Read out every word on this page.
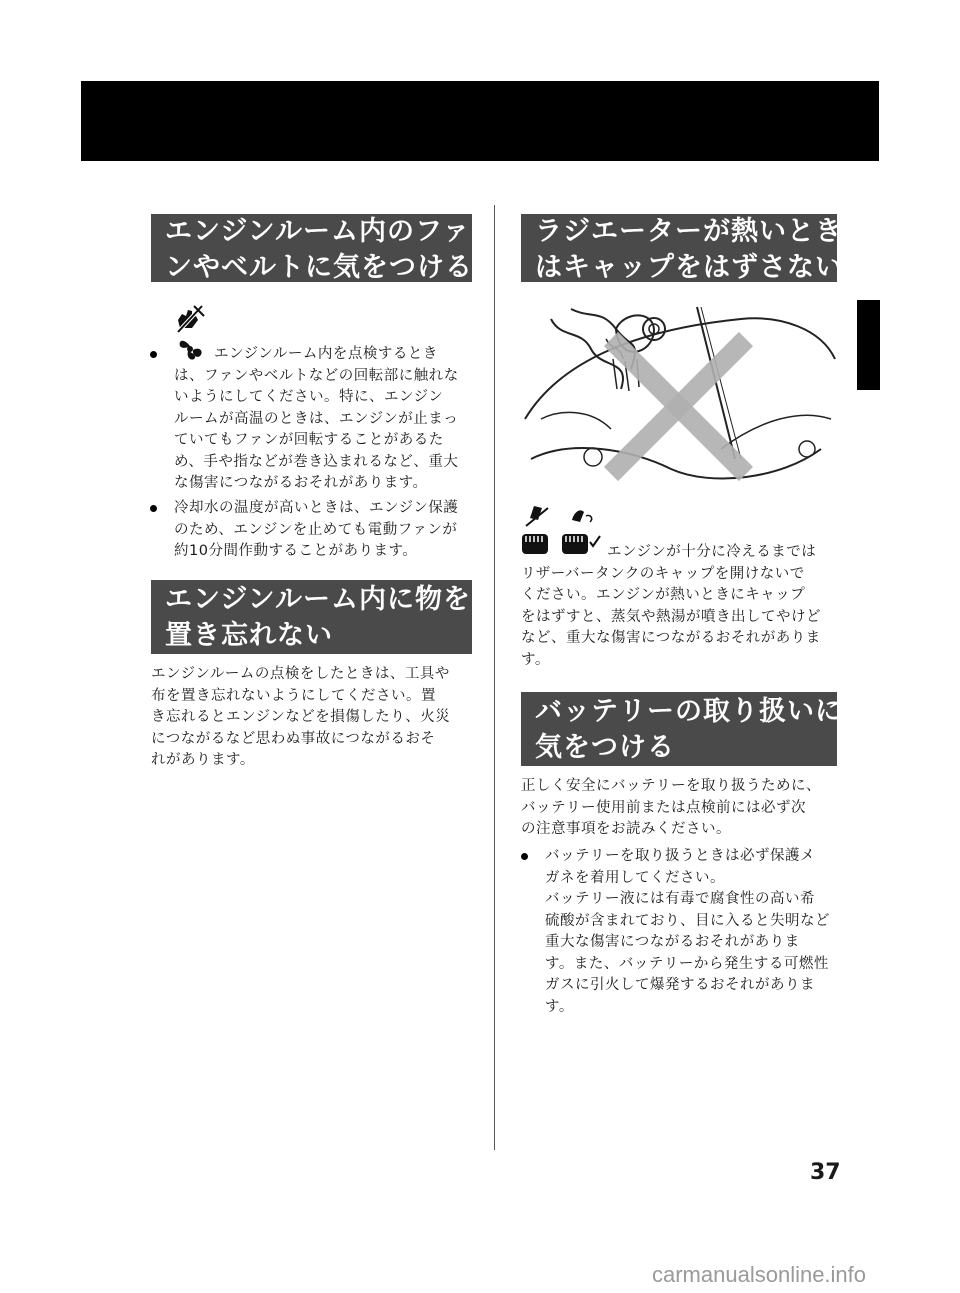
エンジンルーム内のファ
ンやベルトに気をつける
エンジンルーム内を点検するとき
は、ファンやベルトなどの回転部に触れな
いようにしてください。特に、エンジン
ルームが高温のときは、エンジンが止まっ
ていてもファンが回転することがあるた
め、手や指などが巻き込まれるなど、重大
な傷害につながるおそれがあります。
冷却水の温度が高いときは、エンジン保護
のため、エンジンを止めても電動ファンが
約10分間作動することがあります。
エンジンルーム内に物を
置き忘れない
エンジンルームの点検をしたときは、工具や
布を置き忘れないようにしてください。置
き忘れるとエンジンなどを損傷したり、火災
につながるなど思わぬ事故につながるおそ
れがあります。
ラジエーターが熱いとき
はキャップをはずさない
エンジンが十分に冷えるまでは
リザーバータンクのキャップを開けないで
ください。エンジンが熱いときにキャップ
をはずすと、蒸気や熱湯が噴き出してやけど
など、重大な傷害につながるおそれがありま
す。
バッテリーの取り扱いに
気をつける
正しく安全にバッテリーを取り扱うために、
バッテリー使用前または点検前には必ず次
の注意事項をお読みください。
バッテリーを取り扱うときは必ず保護メ
ガネを着用してください。
バッテリー液には有毒で腐食性の高い希
硫酸が含まれており、目に入ると失明など
重大な傷害につながるおそれがありま
す。また、バッテリーから発生する可燃性
ガスに引火して爆発するおそれがありま
す。
37
carmanualsonline.info
